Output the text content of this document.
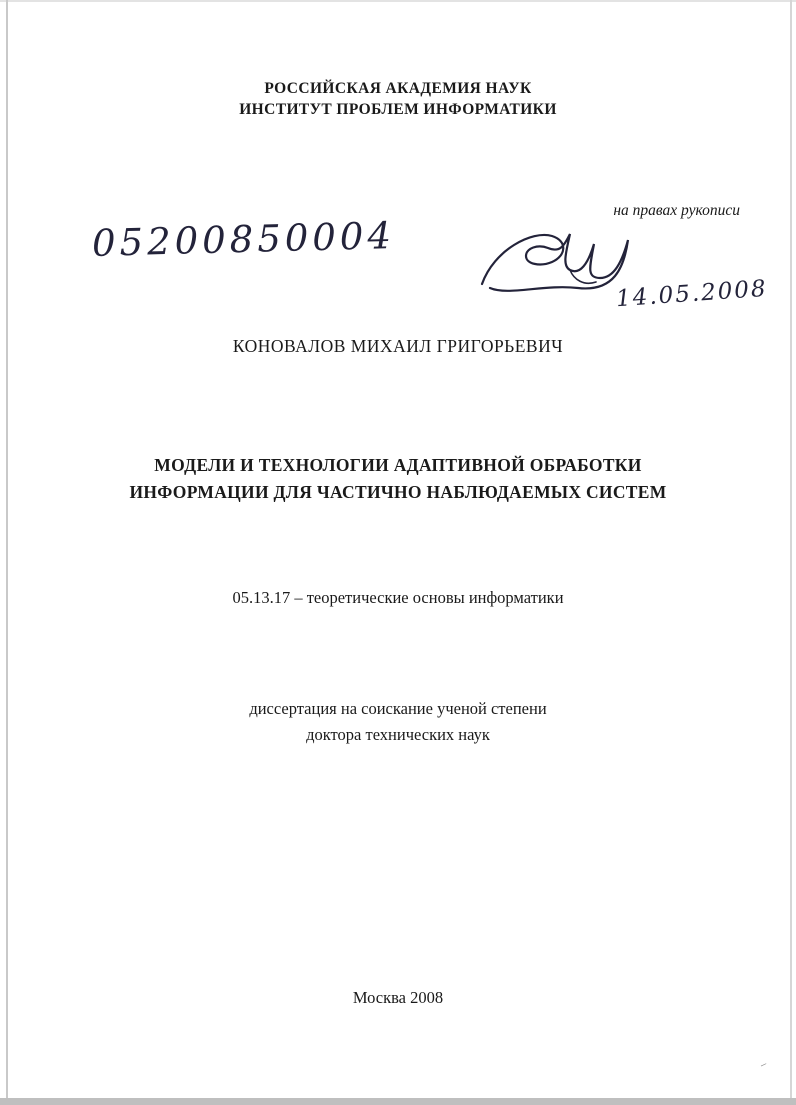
РОССИЙСКАЯ АКАДЕМИЯ НАУК
ИНСТИТУТ ПРОБЛЕМ ИНФОРМАТИКИ
на правах рукописи
05200850004
14.05.2008
КОНОВАЛОВ МИХАИЛ ГРИГОРЬЕВИЧ
МОДЕЛИ И ТЕХНОЛОГИИ АДАПТИВНОЙ ОБРАБОТКИ
ИНФОРМАЦИИ ДЛЯ ЧАСТИЧНО НАБЛЮДАЕМЫХ СИСТЕМ
05.13.17 – теоретические основы информатики
диссертация на соискание ученой степени
доктора технических наук
Москва 2008
⸍
